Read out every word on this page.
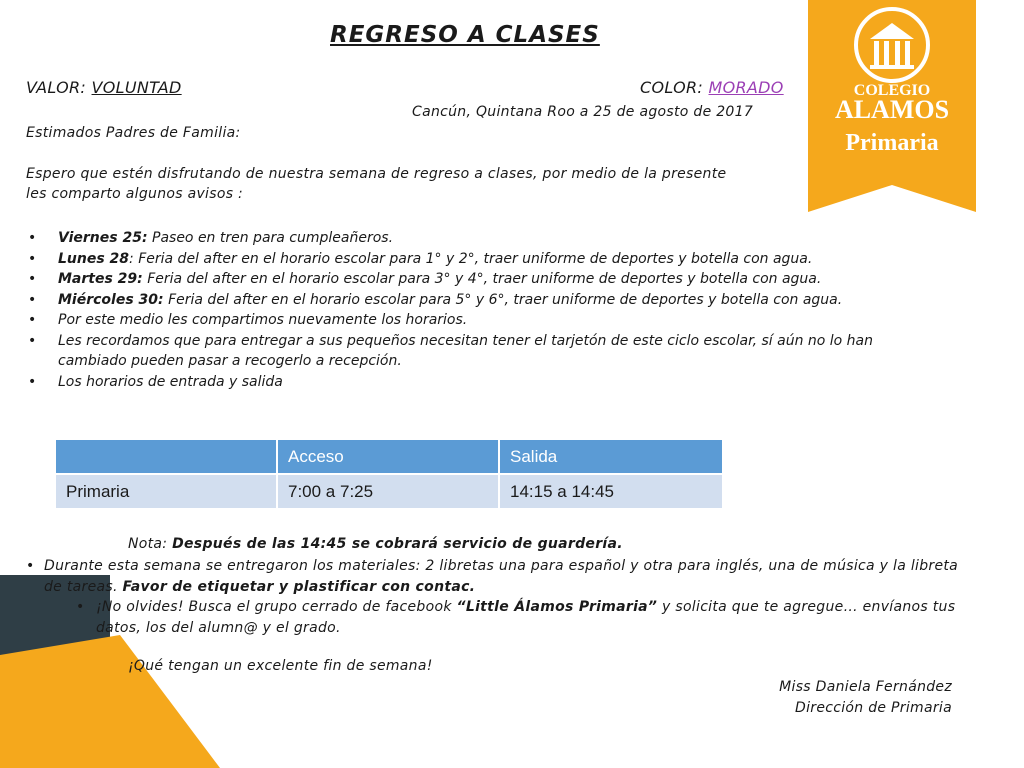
COLEGIO
ALAMOS
Primaria
REGRESO A CLASES
VALOR: VOLUNTAD	COLOR: MORADO
Cancún, Quintana Roo a 25 de agosto de 2017
Estimados Padres de Familia:
Espero que estén disfrutando de nuestra semana de regreso a clases, por medio de la presente
les comparto algunos avisos :
• Viernes 25: Paseo en tren para cumpleañeros.
• Lunes 28: Feria del after en el horario escolar para 1° y 2°, traer uniforme de deportes y botella con agua.
• Martes 29: Feria del after en el horario escolar para 3° y 4°, traer uniforme de deportes y botella con agua.
• Miércoles 30: Feria del after en el horario escolar para 5° y 6°, traer uniforme de deportes y botella con agua.
• Por este medio les compartimos nuevamente los horarios.
• Les recordamos que para entregar a sus pequeños necesitan tener el tarjetón de este ciclo escolar, sí aún no lo han cambiado pueden pasar a recogerlo a recepción.
• Los horarios de entrada y salida
	Acceso	Salida
Primaria	7:00 a 7:25	14:15 a 14:45
Nota: Después de las 14:45 se cobrará servicio de guardería.
• Durante esta semana se entregaron los materiales: 2 libretas una para español y otra para inglés, una de música y la libreta de tareas. Favor de etiquetar y plastificar con contac.
• ¡No olvides! Busca el grupo cerrado de facebook “Little Álamos Primaria” y solicita que te agregue… envíanos tus datos, los del alumn@ y el grado.
¡Qué tengan un excelente fin de semana!
Miss Daniela Fernández
Dirección de Primaria
